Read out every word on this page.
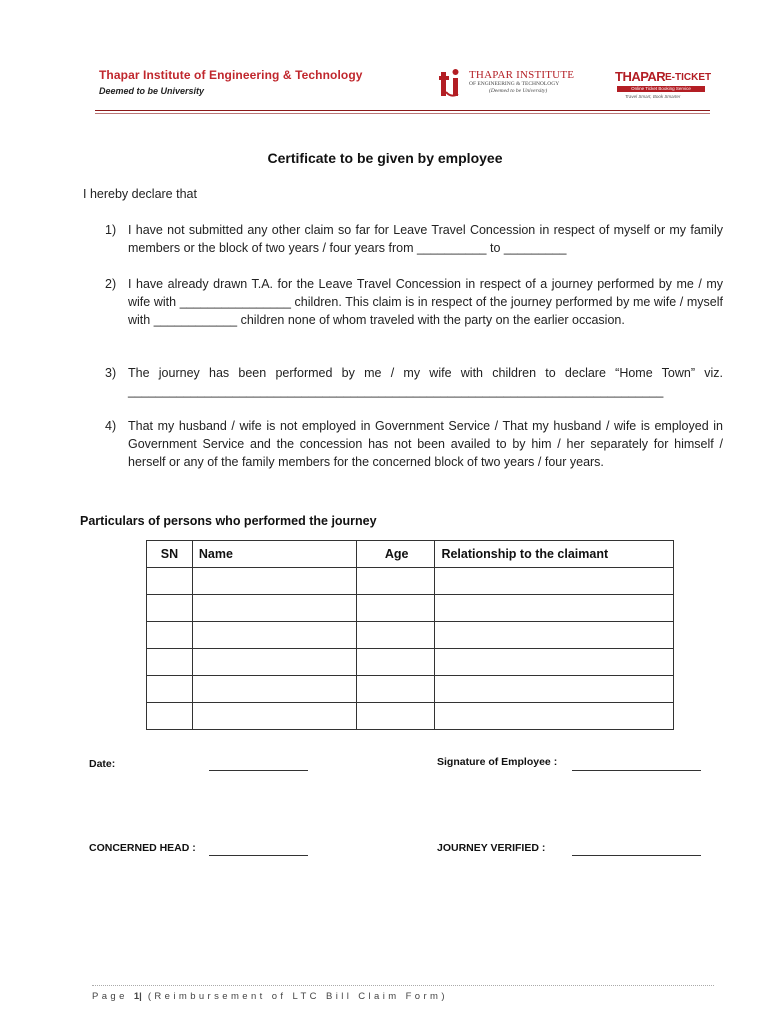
Thapar Institute of Engineering & Technology
Deemed to be University
THAPAR INSTITUTE
OF ENGINEERING & TECHNOLOGY
(Deemed to be University)
THAPAR E-TICKET
Online Ticket Booking Service
Travel Smart, Book Smarter
Certificate to be given by employee
I hereby declare that
1) I have not submitted any other claim so far for Leave Travel Concession in respect of myself or my family members or the block of two years / four years from __________ to _________
2) I have already drawn T.A. for the Leave Travel Concession in respect of a journey performed by me / my wife with ________________ children. This claim is in respect of the journey performed by me wife / myself with ____________ children none of whom traveled with the party on the earlier occasion.
3) The journey has been performed by me / my wife with children to declare “Home Town” viz. _____________________________________________________________________________
4) That my husband / wife is not employed in Government Service / That my husband / wife is employed in Government Service and the concession has not been availed to by him / her separately for himself / herself or any of the family members for the concerned block of two years / four years.
Particulars of persons who performed the journey
SN	Name	Age	Relationship to the claimant

Date:	Signature of Employee :
CONCERNED HEAD :	JOURNEY VERIFIED :
Page 1| (Reimbursement of LTC Bill Claim Form)
